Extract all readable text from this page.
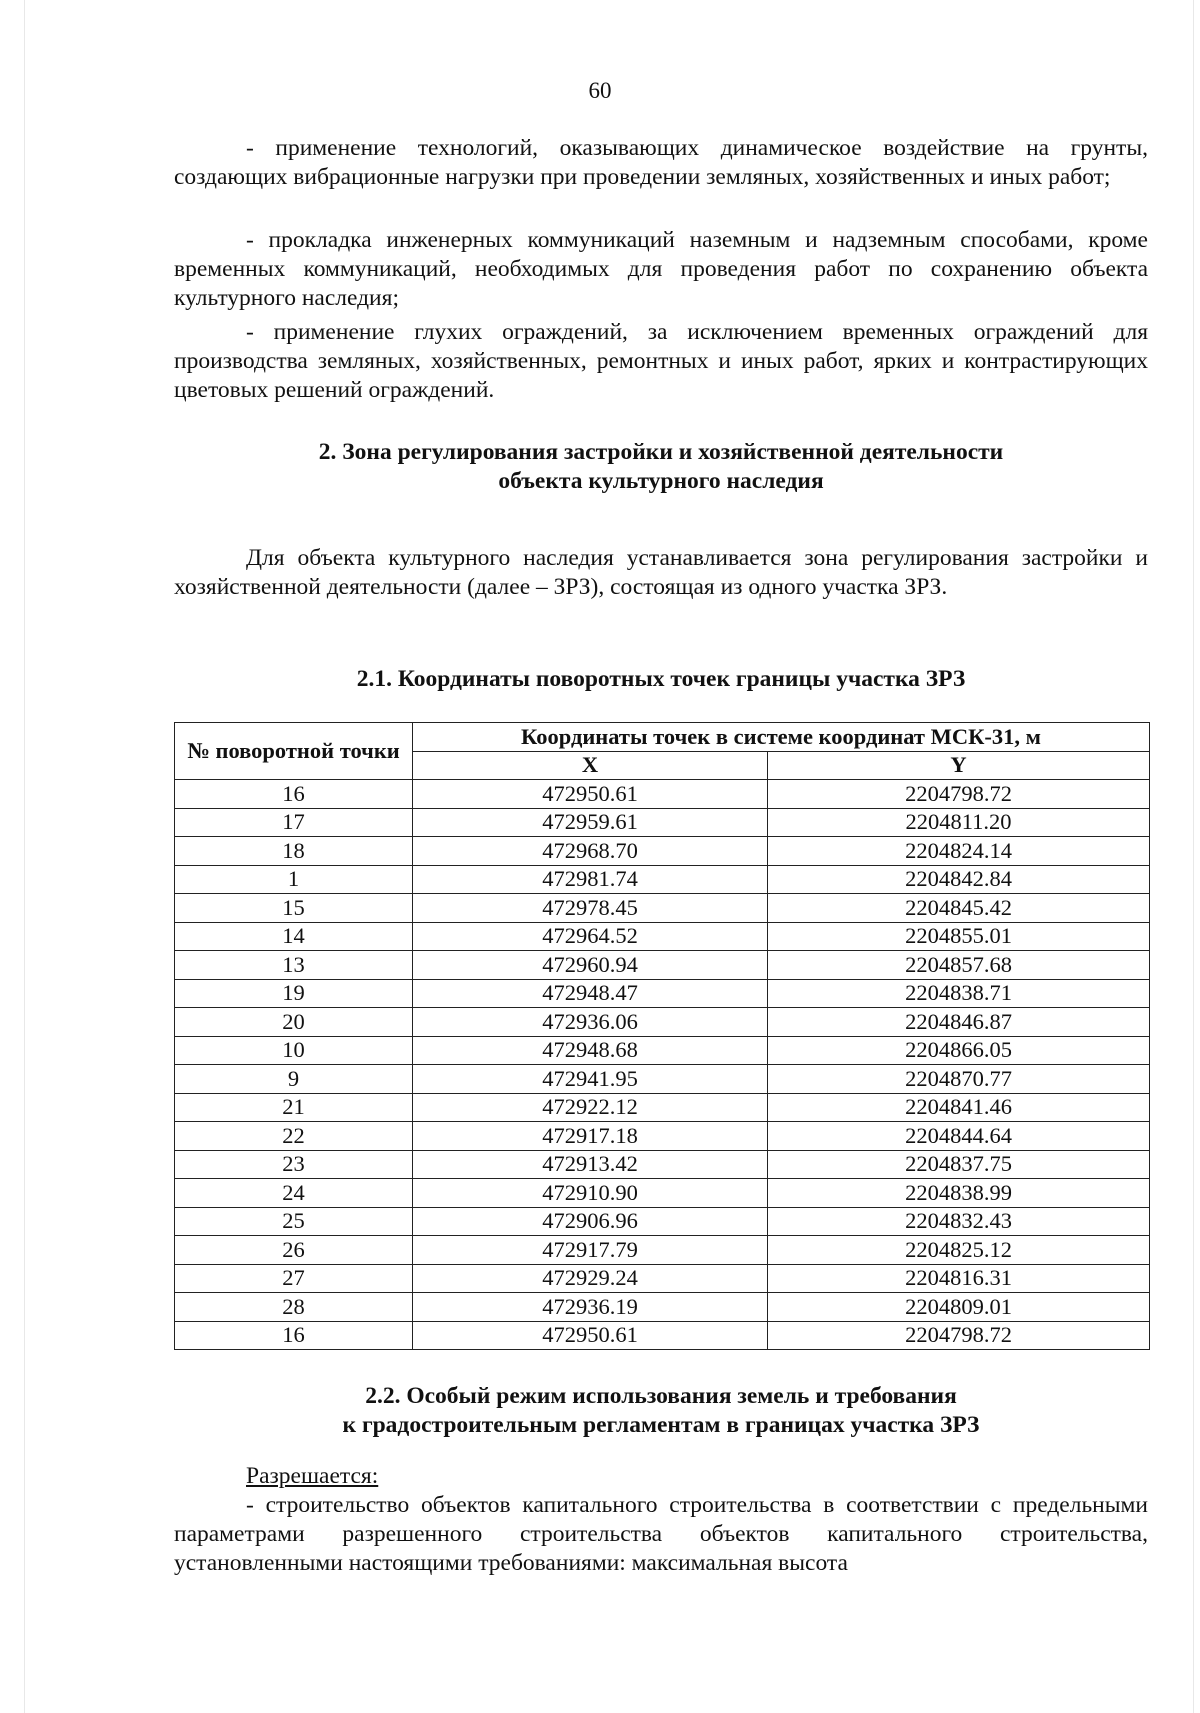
60

- применение технологий, оказывающих динамическое воздействие на грунты, создающих вибрационные нагрузки при проведении земляных, хозяйственных и иных работ;

- прокладка инженерных коммуникаций наземным и надземным способами, кроме временных коммуникаций, необходимых для проведения работ по сохранению объекта культурного наследия;

- применение глухих ограждений, за исключением временных ограждений для производства земляных, хозяйственных, ремонтных и иных работ, ярких и контрастирующих цветовых решений ограждений.

2. Зона регулирования застройки и хозяйственной деятельности
объекта культурного наследия

Для объекта культурного наследия устанавливается зона регулирования застройки и хозяйственной деятельности (далее – ЗРЗ), состоящая из одного участка ЗРЗ.

2.1. Координаты поворотных точек границы участка ЗРЗ
№ поворотной точки	Координаты точек в системе координат МСК-31, м	
	X	Y
16	472950.61	2204798.72
17	472959.61	2204811.20
18	472968.70	2204824.14
1	472981.74	2204842.84
15	472978.45	2204845.42
14	472964.52	2204855.01
13	472960.94	2204857.68
19	472948.47	2204838.71
20	472936.06	2204846.87
10	472948.68	2204866.05
9	472941.95	2204870.77
21	472922.12	2204841.46
22	472917.18	2204844.64
23	472913.42	2204837.75
24	472910.90	2204838.99
25	472906.96	2204832.43
26	472917.79	2204825.12
27	472929.24	2204816.31
28	472936.19	2204809.01
16	472950.61	2204798.72
2.2. Особый режим использования земель и требования
к градостроительным регламентам в границах участка ЗРЗ
Разрешается:

- строительство объектов капитального строительства в соответствии с предельными параметрами разрешенного строительства объектов капитального строительства, установленными настоящими требованиями: максимальная высота
